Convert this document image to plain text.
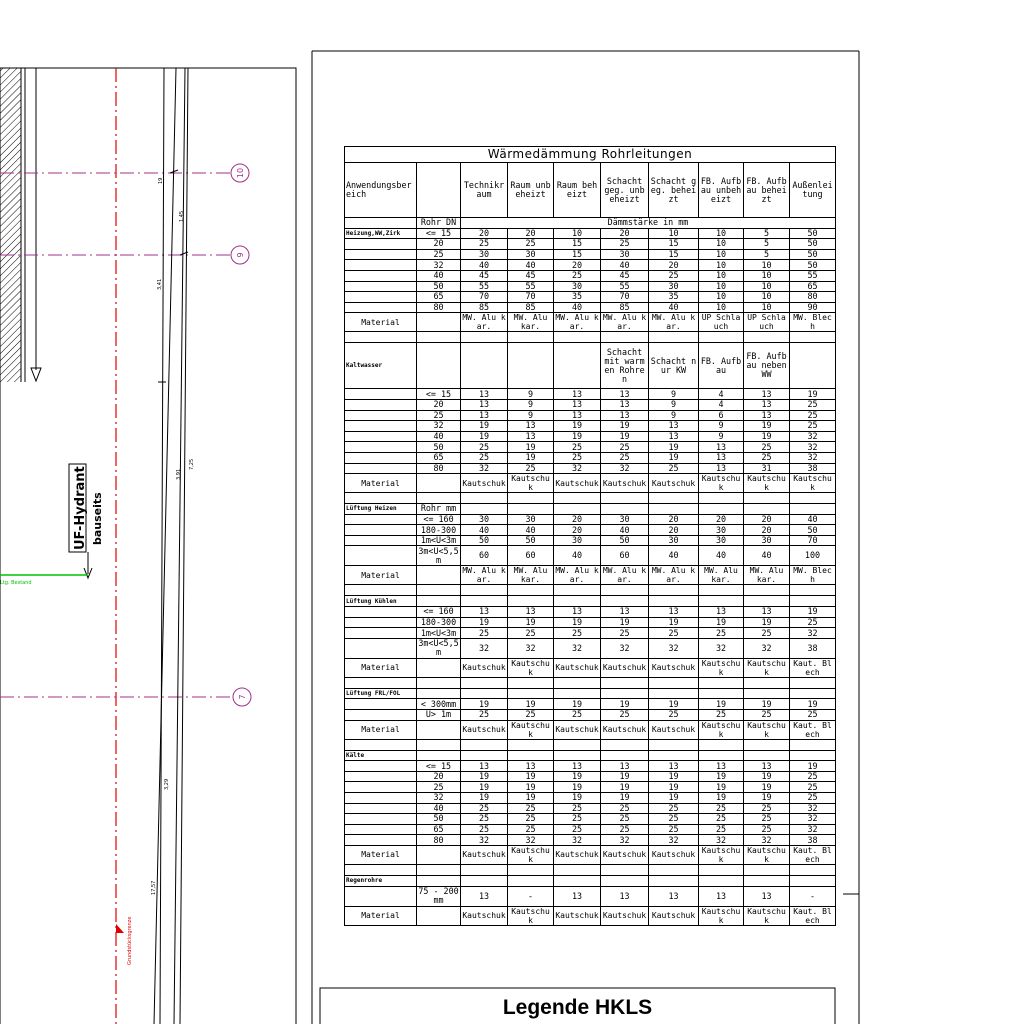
Grundstücksgrenze
10
9
7
19
1,45
3,41
7,25
3,91
3,29
17,57
UF-Hydrant bauseits
Ltg. Bestand
Wärmedämmung Rohrleitungen									
Anwendungsbereich		Technikraum	Raum unbeheizt	Raum beheizt	Schacht geg. unbeheizt	Schacht geg. beheizt	FB. Aufbau unbeheizt	FB. Aufbau beheizt	Außenleitung
	Rohr DN	Dämmstärke in mm							
Heizung,WW,Zirk	<= 15	20	20	10	20	10	10	5	50
	20	25	25	15	25	15	10	5	50
	25	30	30	15	30	15	10	5	50
	32	40	40	20	40	20	10	10	50
	40	45	45	25	45	25	10	10	55
	50	55	55	30	55	30	10	10	65
	65	70	70	35	70	35	10	10	80
	80	85	85	40	85	40	10	10	90
Material		MW. Alu kar.	MW. Alu kar.	MW. Alu kar.	MW. Alu kar.	MW. Alu kar.	UP Schlauch	UP Schlauch	MW. Blech

Kaltwasser					Schacht mit warmen Rohren	Schacht nur KW	FB. Aufbau	FB. Aufbau neben WW	
	<= 15	13	9	13	13	9	4	13	19
	20	13	9	13	13	9	4	13	25
	25	13	9	13	13	9	6	13	25
	32	19	13	19	19	13	9	19	25
	40	19	13	19	19	13	9	19	32
	50	25	19	25	25	19	13	25	32
	65	25	19	25	25	19	13	25	32
	80	32	25	32	32	25	13	31	38
Material		Kautschuk	Kautschuk	Kautschuk	Kautschuk	Kautschuk	Kautschuk	Kautschuk	Kautschuk

Lüftung Heizen	Rohr mm								
	<= 160	30	30	20	30	20	20	20	40
	180-300	40	40	20	40	20	30	20	50
	1m<U<3m	50	50	30	50	30	30	30	70
	3m<U<5,5m	60	60	40	60	40	40	40	100
Material		MW. Alu kar.	MW. Alu kar.	MW. Alu kar.	MW. Alu kar.	MW. Alu kar.	MW. Alu kar.	MW. Alu kar.	MW. Blech

Lüftung Kühlen									
	<= 160	13	13	13	13	13	13	13	19
	180-300	19	19	19	19	19	19	19	25
	1m<U<3m	25	25	25	25	25	25	25	32
	3m<U<5,5m	32	32	32	32	32	32	32	38
Material		Kautschuk	Kautschuk	Kautschuk	Kautschuk	Kautschuk	Kautschuk	Kautschuk	Kaut. Blech

Lüftung FRL/FOL									
	< 300mm	19	19	19	19	19	19	19	19
	U> 1m	25	25	25	25	25	25	25	25
Material		Kautschuk	Kautschuk	Kautschuk	Kautschuk	Kautschuk	Kautschuk	Kautschuk	Kaut. Blech

Kälte									
	<= 15	13	13	13	13	13	13	13	19
	20	19	19	19	19	19	19	19	25
	25	19	19	19	19	19	19	19	25
	32	19	19	19	19	19	19	19	25
	40	25	25	25	25	25	25	25	32
	50	25	25	25	25	25	25	25	32
	65	25	25	25	25	25	25	25	32
	80	32	32	32	32	32	32	32	38
Material		Kautschuk	Kautschuk	Kautschuk	Kautschuk	Kautschuk	Kautschuk	Kautschuk	Kaut. Blech

Regenrohre									
	75 - 200 mm	13	-	13	13	13	13	13	-
Material		Kautschuk	Kautschuk	Kautschuk	Kautschuk	Kautschuk	Kautschuk	Kautschuk	Kaut. Blech
Legende HKLS
